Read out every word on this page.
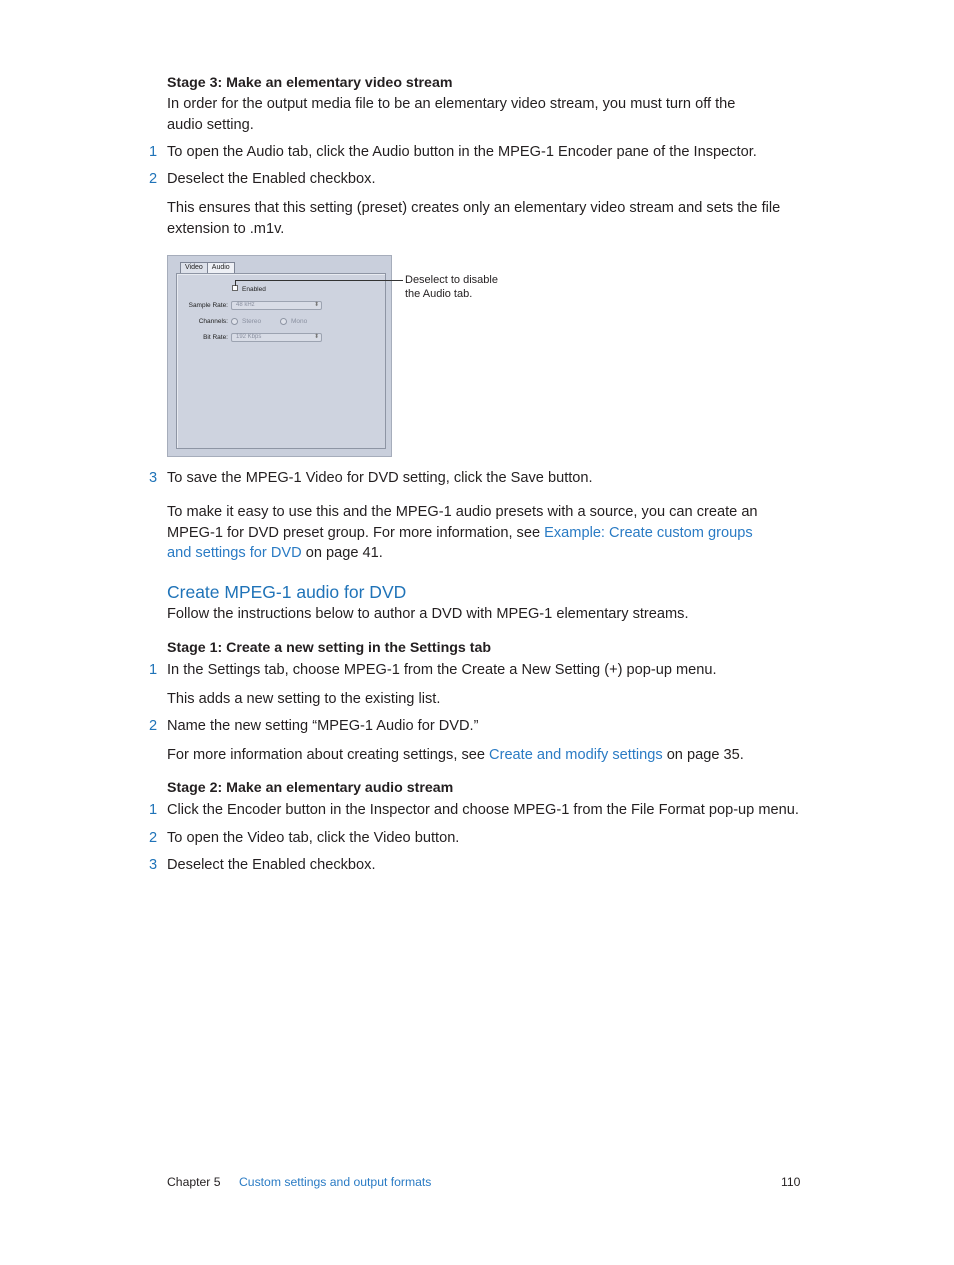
Stage 3: Make an elementary video stream
In order for the output media file to be an elementary video stream, you must turn off the audio setting.
1 To open the Audio tab, click the Audio button in the MPEG-1 Encoder pane of the Inspector.
2 Deselect the Enabled checkbox.
This ensures that this setting (preset) creates only an elementary video stream and sets the file extension to .m1v.
Video	Audio
Enabled
Sample Rate:	48 kHz	⬍
Channels: Stereo	Mono
Bit Rate:	192 Kbps	⬍
Deselect to disable
the Audio tab.
3 To save the MPEG-1 Video for DVD setting, click the Save button.
To make it easy to use this and the MPEG-1 audio presets with a source, you can create an MPEG-1 for DVD preset group. For more information, see Example: Create custom groups and settings for DVD on page 41.
Create MPEG-1 audio for DVD
Follow the instructions below to author a DVD with MPEG-1 elementary streams.
Stage 1: Create a new setting in the Settings tab
1 In the Settings tab, choose MPEG-1 from the Create a New Setting (+) pop-up menu.
This adds a new setting to the existing list.
2 Name the new setting “MPEG-1 Audio for DVD.”
For more information about creating settings, see Create and modify settings on page 35.
Stage 2: Make an elementary audio stream
1 Click the Encoder button in the Inspector and choose MPEG-1 from the File Format pop-up menu.
2 To open the Video tab, click the Video button.
3 Deselect the Enabled checkbox.
Chapter 5 Custom settings and output formats	110
